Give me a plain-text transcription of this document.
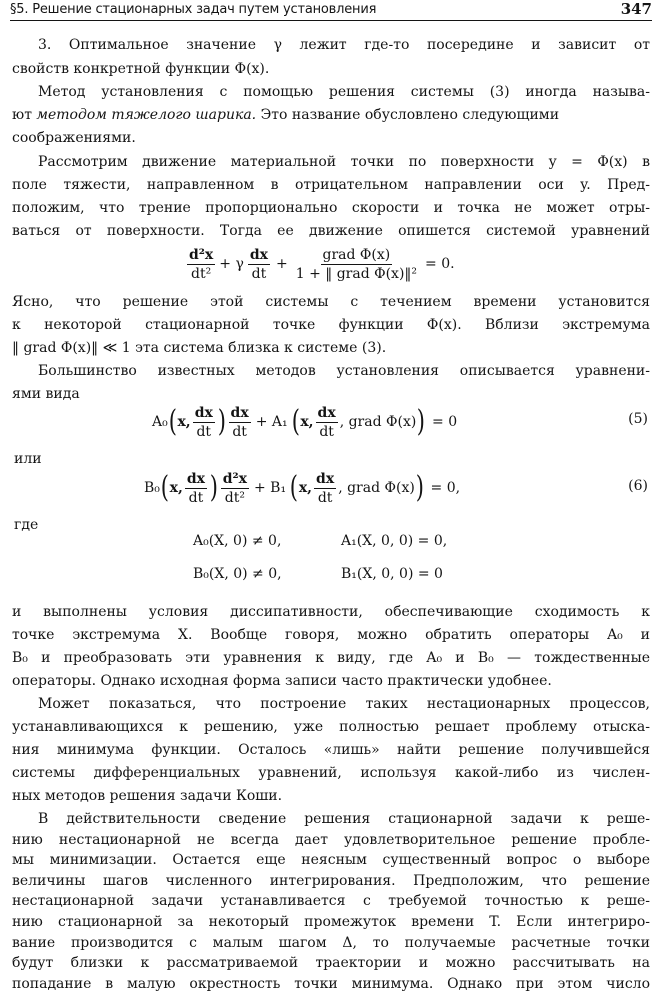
§5. Решение стационарных задач путем установления	347
3. Оптимальное значение γ лежит где-то посередине и зависит от
свойств конкретной функции Φ(x).
Метод установления с помощью решения системы (3) иногда называ-
ют методом тяжелого шарика. Это название обусловлено следующими
соображениями.
Рассмотрим движение материальной точки по поверхности y = Φ(x) в
поле тяжести, направленном в отрицательном направлении оси y. Пред-
положим, что трение пропорционально скорости и точка не может отры-
ваться от поверхности. Тогда ее движение опишется системой уравнений
$\frac{\text{d²x}}{\text{dt²}} + \gamma \frac{dx}{dt} + \frac{\text{grad Φ(x)}}{\text{1 + ‖ grad Φ(x)‖²}} = 0$.
Ясно, что решение этой системы с течением времени установится
к некоторой стационарной точке функции Φ(x). Вблизи экстремума
‖ grad Φ(x)‖ ≪ 1 эта система близка к системе (3).
Большинство известных методов установления описывается уравнени-
ями вида
A₀ ( x, $\frac{dx}{dt}$ ) $\frac{dx}{dt} + A_1$ ( x, $\frac{dx}{dt}$ , grad Φ(x) ) = 0	(5)
или
B₀ ( x, $\frac{dx}{dt}$ ) $\frac{\text{d²x}}{\text{dt²}} + B_1$ ( x, $\frac{dx}{dt}$ , grad Φ(x) ) = 0,	(6)
где
A₀(X, 0) ≠ 0,	A₁(X, 0, 0) = 0,
B₀(X, 0) ≠ 0,	B₁(X, 0, 0) = 0
и выполнены условия диссипативности, обеспечивающие сходимость к
точке экстремума X. Вообще говоря, можно обратить операторы A₀ и
B₀ и преобразовать эти уравнения к виду, где A₀ и B₀ — тождественные
операторы. Однако исходная форма записи часто практически удобнее.
Может показаться, что построение таких нестационарных процессов,
устанавливающихся к решению, уже полностью решает проблему отыска-
ния минимума функции. Осталось «лишь» найти решение получившейся
системы дифференциальных уравнений, используя какой-либо из числен-
ных методов решения задачи Коши.
В действительности сведение решения стационарной задачи к реше-
нию нестационарной не всегда дает удовлетворительное решение пробле-
мы минимизации. Остается еще неясным существенный вопрос о выборе
величины шагов численного интегрирования. Предположим, что решение
нестационарной задачи устанавливается с требуемой точностью к реше-
нию стационарной за некоторый промежуток времени T. Если интегриро-
вание производится с малым шагом Δ, то получаемые расчетные точки
будут близки к рассматриваемой траектории и можно рассчитывать на
попадание в малую окрестность точки минимума. Однако при этом число
